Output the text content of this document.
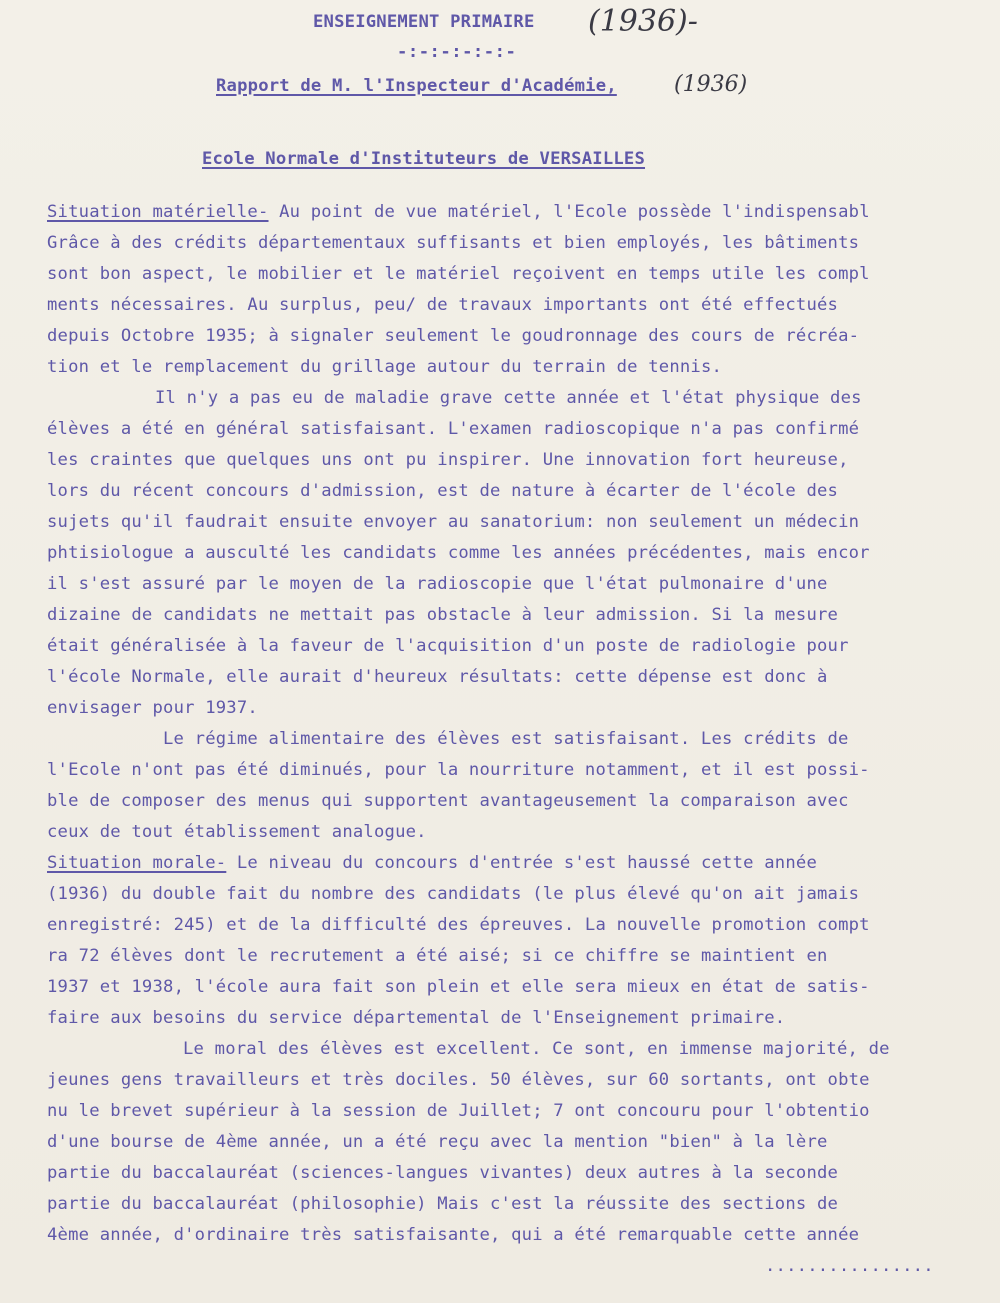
ENSEIGNEMENT PRIMAIRE (1936)-
-:-:-:-:-:-
Rapport de M. l'Inspecteur d'Académie,	(1936)
Ecole Normale d'Instituteurs de VERSAILLES
Situation matérielle- Au point de vue matériel, l'Ecole possède l'indispensabl
Grâce à des crédits départementaux suffisants et bien employés, les bâtiments
sont bon aspect, le mobilier et le matériel reçoivent en temps utile les compl
ments nécessaires. Au surplus, peu/ de travaux importants ont été effectués
depuis Octobre 1935; à signaler seulement le goudronnage des cours de récréa-
tion et le remplacement du grillage autour du terrain de tennis.
Il n'y a pas eu de maladie grave cette année et l'état physique des
élèves a été en général satisfaisant. L'examen radioscopique n'a pas confirmé
les craintes que quelques uns ont pu inspirer. Une innovation fort heureuse,
lors du récent concours d'admission, est de nature à écarter de l'école des
sujets qu'il faudrait ensuite envoyer au sanatorium: non seulement un médecin
phtisiologue a ausculté les candidats comme les années précédentes, mais encor
il s'est assuré par le moyen de la radioscopie que l'état pulmonaire d'une
dizaine de candidats ne mettait pas obstacle à leur admission. Si la mesure
était généralisée à la faveur de l'acquisition d'un poste de radiologie pour
l'école Normale, elle aurait d'heureux résultats: cette dépense est donc à
envisager pour 1937.
Le régime alimentaire des élèves est satisfaisant. Les crédits de
l'Ecole n'ont pas été diminués, pour la nourriture notamment, et il est possi-
ble de composer des menus qui supportent avantageusement la comparaison avec
ceux de tout établissement analogue.
Situation morale- Le niveau du concours d'entrée s'est haussé cette année
(1936) du double fait du nombre des candidats (le plus élevé qu'on ait jamais
enregistré: 245) et de la difficulté des épreuves. La nouvelle promotion compt
ra 72 élèves dont le recrutement a été aisé; si ce chiffre se maintient en
1937 et 1938, l'école aura fait son plein et elle sera mieux en état de satis-
faire aux besoins du service départemental de l'Enseignement primaire.
Le moral des élèves est excellent. Ce sont, en immense majorité, de
jeunes gens travailleurs et très dociles. 50 élèves, sur 60 sortants, ont obte
nu le brevet supérieur à la session de Juillet; 7 ont concouru pour l'obtentio
d'une bourse de 4ème année, un a été reçu avec la mention "bien" à la lère
partie du baccalauréat (sciences-langues vivantes) deux autres à la seconde
partie du baccalauréat (philosophie) Mais c'est la réussite des sections de
4ème année, d'ordinaire très satisfaisante, qui a été remarquable cette année
................
